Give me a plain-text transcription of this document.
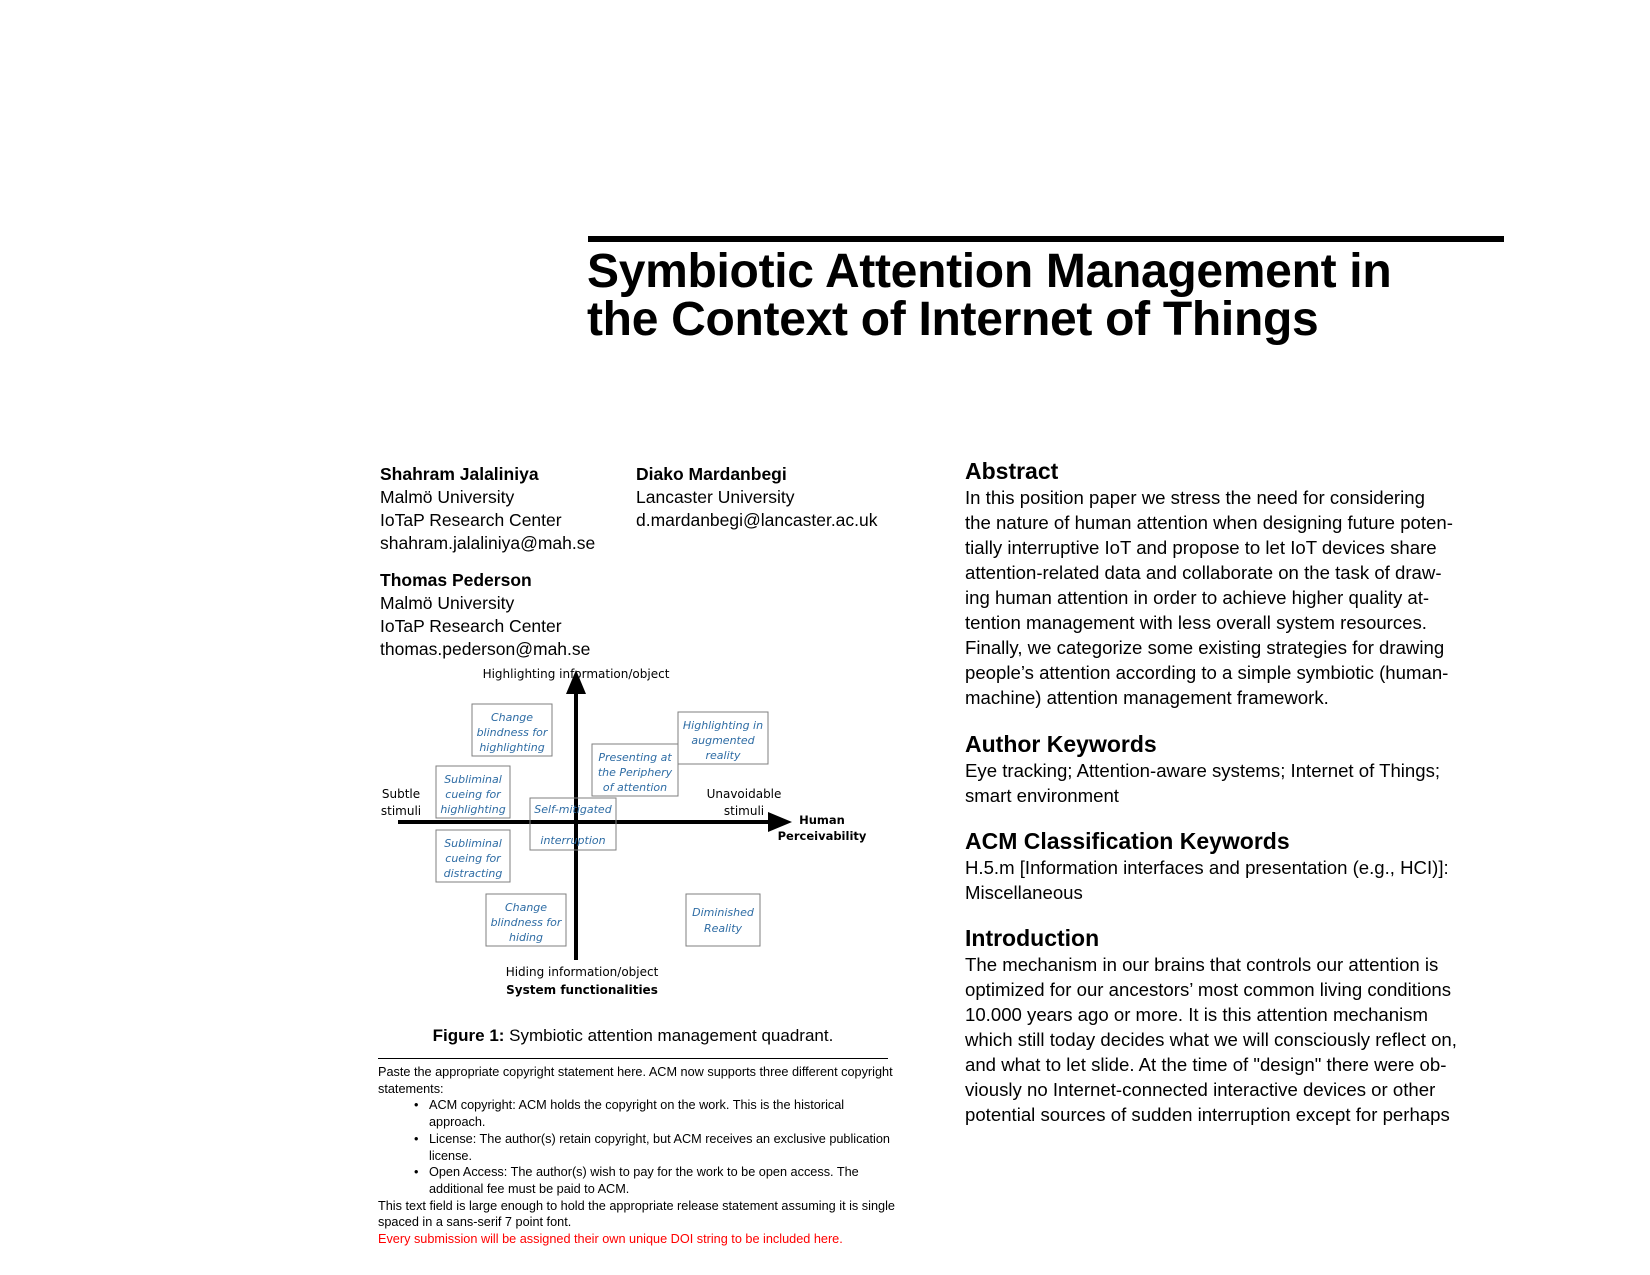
Symbiotic Attention Management in
the Context of Internet of Things
Shahram Jalaliniya
Malmö University
IoTaP Research Center
shahram.jalaliniya@mah.se
Diako Mardanbegi
Lancaster University
d.mardanbegi@lancaster.ac.uk
Thomas Pederson
Malmö University
IoTaP Research Center
thomas.pederson@mah.se
Highlighting information/object
Hiding information/object
System functionalities
Subtle
stimuli
Unavoidable
stimuli
Human
Perceivability
Change
blindness for
highlighting
Subliminal
cueing for
highlighting
Subliminal
cueing for
distracting
Change
blindness for
hiding
Presenting at
the Periphery
of attention
Highlighting in
augmented
reality
Self-mitigated
interruption
Diminished
Reality
Figure 1: Symbiotic attention management quadrant.
Paste the appropriate copyright statement here. ACM now supports three different copyright statements:
• ACM copyright: ACM holds the copyright on the work. This is the historical approach.
• License: The author(s) retain copyright, but ACM receives an exclusive publication license.
• Open Access: The author(s) wish to pay for the work to be open access. The additional fee must be paid to ACM.
This text field is large enough to hold the appropriate release statement assuming it is single spaced in a sans-serif 7 point font.
Every submission will be assigned their own unique DOI string to be included here.
Abstract
In this position paper we stress the need for considering
the nature of human attention when designing future poten-
tially interruptive IoT and propose to let IoT devices share
attention-related data and collaborate on the task of draw-
ing human attention in order to achieve higher quality at-
tention management with less overall system resources.
Finally, we categorize some existing strategies for drawing
people’s attention according to a simple symbiotic (human-
machine) attention management framework.
Author Keywords
Eye tracking; Attention-aware systems; Internet of Things;
smart environment
ACM Classification Keywords
H.5.m [Information interfaces and presentation (e.g., HCI)]:
Miscellaneous
Introduction
The mechanism in our brains that controls our attention is
optimized for our ancestors’ most common living conditions
10.000 years ago or more. It is this attention mechanism
which still today decides what we will consciously reflect on,
and what to let slide. At the time of "design" there were ob-
viously no Internet-connected interactive devices or other
potential sources of sudden interruption except for perhaps
